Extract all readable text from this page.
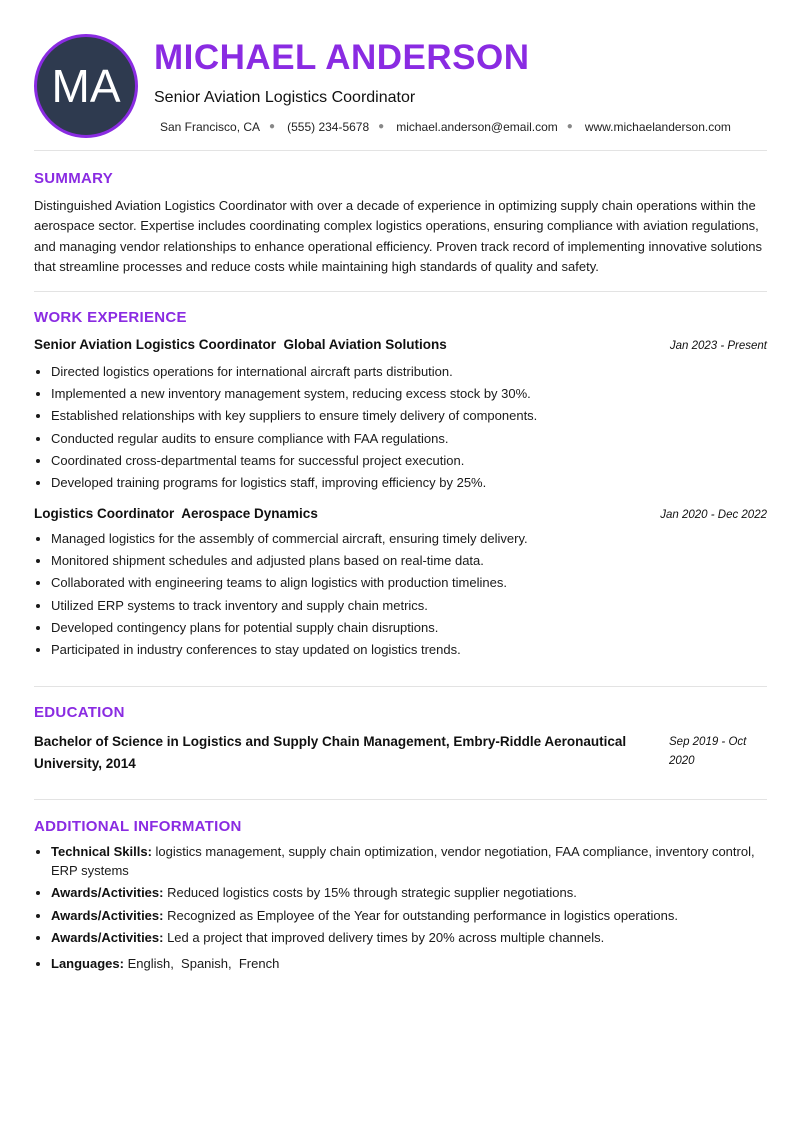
MA
MICHAEL ANDERSON
Senior Aviation Logistics Coordinator
San Francisco, CA ● (555) 234-5678 ● michael.anderson@email.com ● www.michaelanderson.com
SUMMARY
Distinguished Aviation Logistics Coordinator with over a decade of experience in optimizing supply chain operations within the aerospace sector. Expertise includes coordinating complex logistics operations, ensuring compliance with aviation regulations, and managing vendor relationships to enhance operational efficiency. Proven track record of implementing innovative solutions that streamline processes and reduce costs while maintaining high standards of quality and safety.
WORK EXPERIENCE
Senior Aviation Logistics Coordinator  Global Aviation Solutions	Jan 2023 - Present
• Directed logistics operations for international aircraft parts distribution.
• Implemented a new inventory management system, reducing excess stock by 30%.
• Established relationships with key suppliers to ensure timely delivery of components.
• Conducted regular audits to ensure compliance with FAA regulations.
• Coordinated cross-departmental teams for successful project execution.
• Developed training programs for logistics staff, improving efficiency by 25%.
Logistics Coordinator  Aerospace Dynamics	Jan 2020 - Dec 2022
• Managed logistics for the assembly of commercial aircraft, ensuring timely delivery.
• Monitored shipment schedules and adjusted plans based on real-time data.
• Collaborated with engineering teams to align logistics with production timelines.
• Utilized ERP systems to track inventory and supply chain metrics.
• Developed contingency plans for potential supply chain disruptions.
• Participated in industry conferences to stay updated on logistics trends.
EDUCATION
Bachelor of Science in Logistics and Supply Chain Management, Embry-Riddle Aeronautical University, 2014
Sep 2019 - Oct 2020
ADDITIONAL INFORMATION
• Technical Skills: logistics management, supply chain optimization, vendor negotiation, FAA compliance, inventory control, ERP systems
• Awards/Activities: Reduced logistics costs by 15% through strategic supplier negotiations.
• Awards/Activities: Recognized as Employee of the Year for outstanding performance in logistics operations.
• Awards/Activities: Led a project that improved delivery times by 20% across multiple channels.
• Languages: English,  Spanish,  French
